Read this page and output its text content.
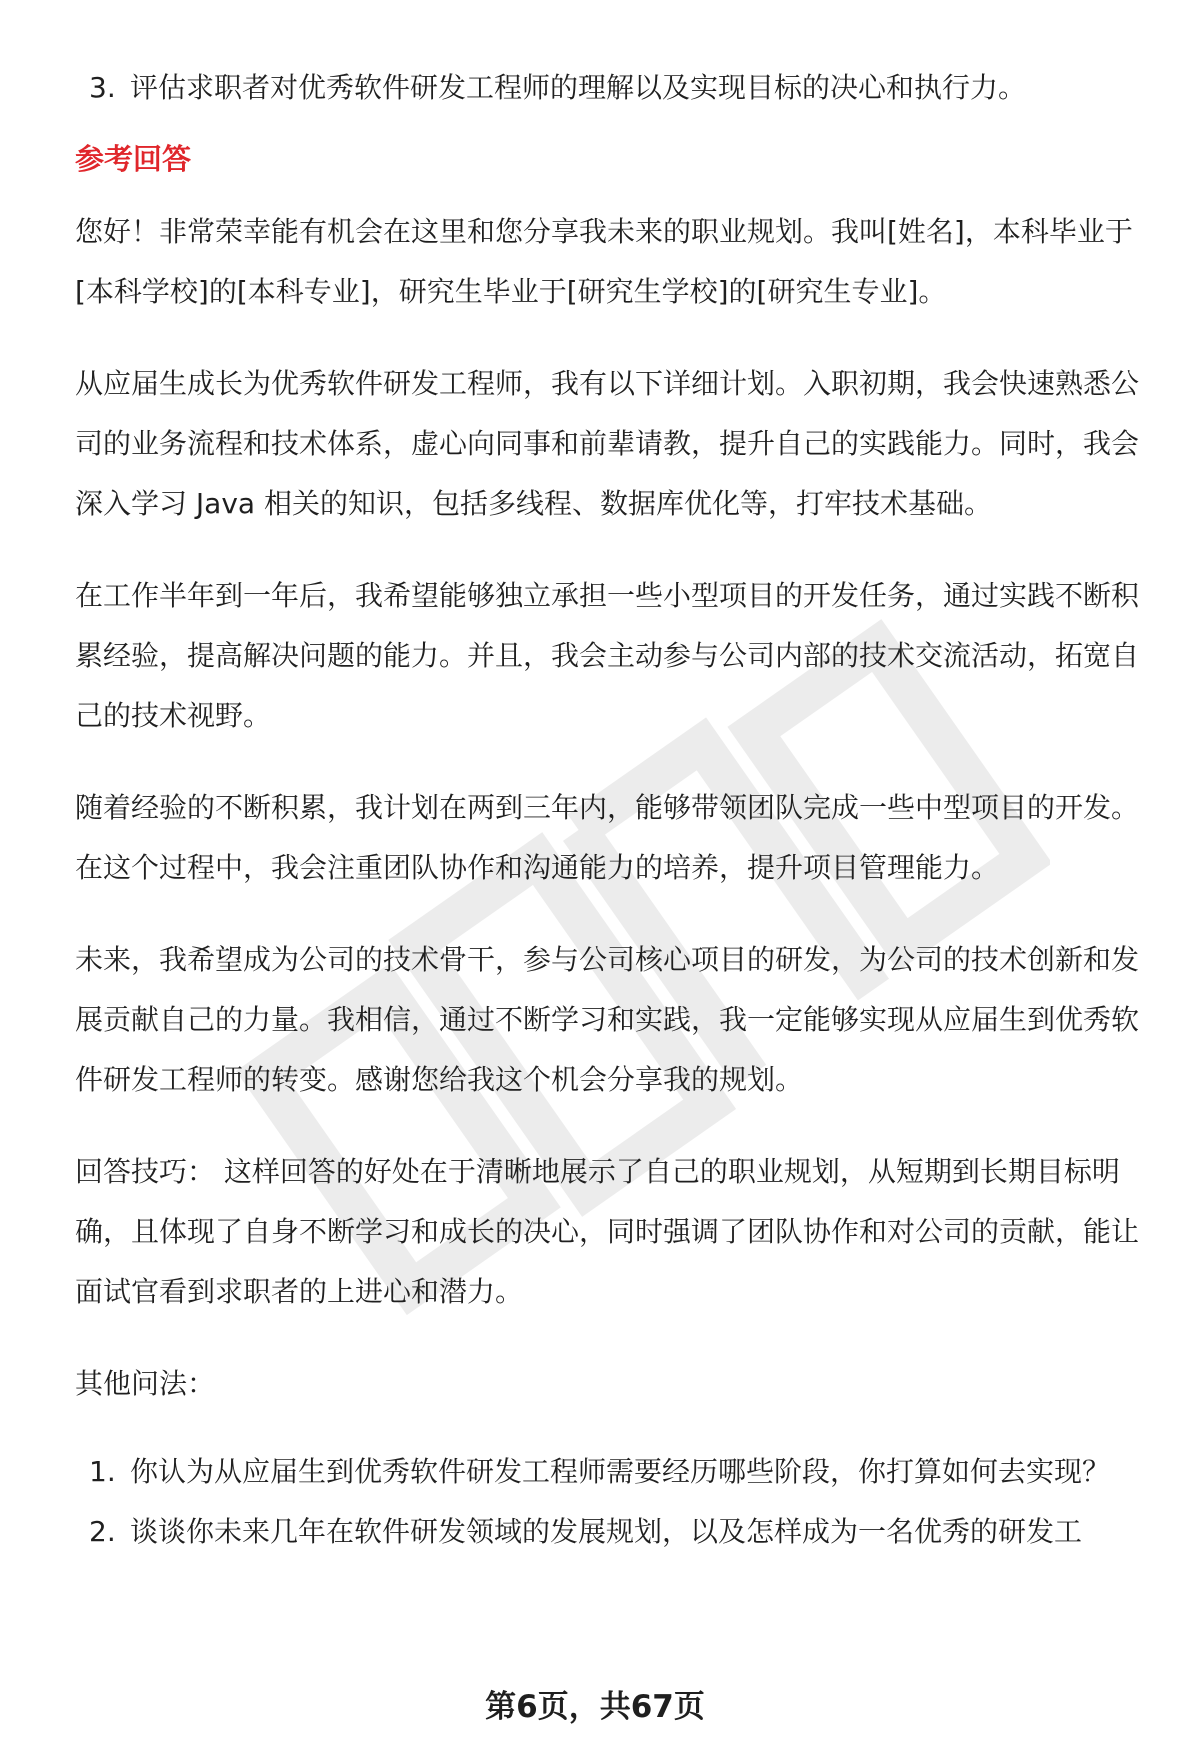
3. 评估求职者对优秀软件研发工程师的理解以及实现目标的决心和执行力。

参考回答

您好！非常荣幸能有机会在这里和您分享我未来的职业规划。我叫[姓名]，本科毕业于[本科学校]的[本科专业]，研究生毕业于[研究生学校]的[研究生专业]。

从应届生成长为优秀软件研发工程师，我有以下详细计划。入职初期，我会快速熟悉公司的业务流程和技术体系，虚心向同事和前辈请教，提升自己的实践能力。同时，我会深入学习 Java 相关的知识，包括多线程、数据库优化等，打牢技术基础。

在工作半年到一年后，我希望能够独立承担一些小型项目的开发任务，通过实践不断积累经验，提高解决问题的能力。并且，我会主动参与公司内部的技术交流活动，拓宽自己的技术视野。

随着经验的不断积累，我计划在两到三年内，能够带领团队完成一些中型项目的开发。在这个过程中，我会注重团队协作和沟通能力的培养，提升项目管理能力。

未来，我希望成为公司的技术骨干，参与公司核心项目的研发，为公司的技术创新和发展贡献自己的力量。我相信，通过不断学习和实践，我一定能够实现从应届生到优秀软件研发工程师的转变。感谢您给我这个机会分享我的规划。

回答技巧： 这样回答的好处在于清晰地展示了自己的职业规划，从短期到长期目标明确，且体现了自身不断学习和成长的决心，同时强调了团队协作和对公司的贡献，能让面试官看到求职者的上进心和潜力。

其他问法：

1. 你认为从应届生到优秀软件研发工程师需要经历哪些阶段，你打算如何去实现？

2. 谈谈你未来几年在软件研发领域的发展规划，以及怎样成为一名优秀的研发工

第6页，共67页
